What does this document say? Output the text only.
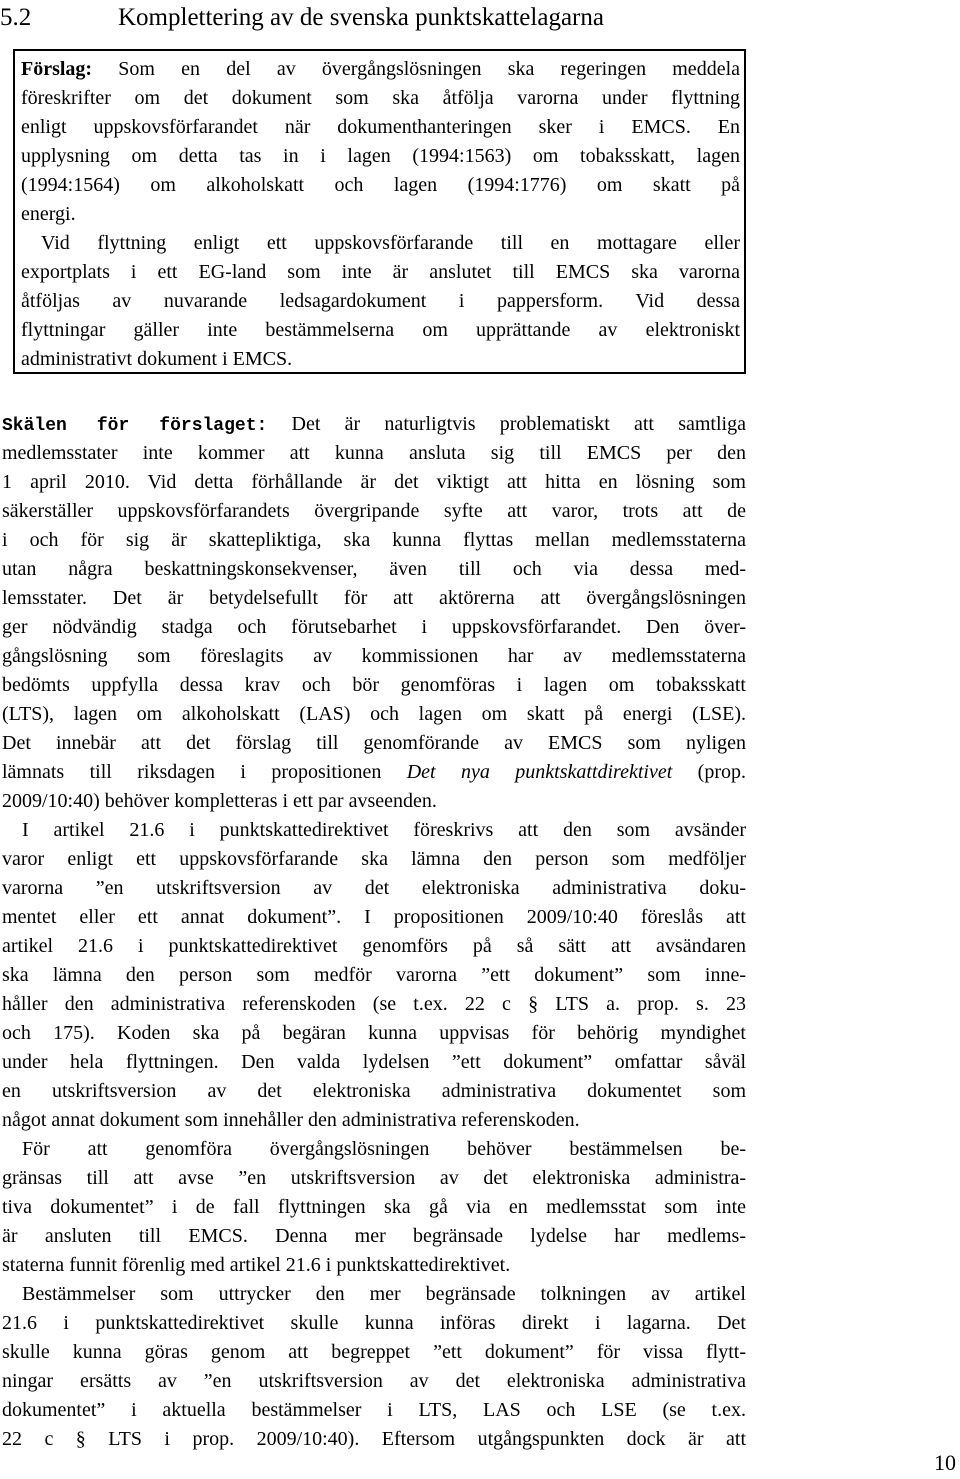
5.2	Komplettering av de svenska punktskattelagarna
Förslag: Som en del av övergångslösningen ska regeringen meddela
föreskrifter om det dokument som ska åtfölja varorna under flyttning
enligt uppskovsförfarandet när dokumenthanteringen sker i EMCS. En
upplysning om detta tas in i lagen (1994:1563) om tobaksskatt, lagen
(1994:1564) om alkoholskatt och lagen (1994:1776) om skatt på
energi.
Vid flyttning enligt ett uppskovsförfarande till en mottagare eller
exportplats i ett EG-land som inte är anslutet till EMCS ska varorna
åtföljas av nuvarande ledsagardokument i pappersform. Vid dessa
flyttningar gäller inte bestämmelserna om upprättande av elektroniskt
administrativt dokument i EMCS.
Skälen för förslaget: Det är naturligtvis problematiskt att samtliga
medlemsstater inte kommer att kunna ansluta sig till EMCS per den
1 april 2010. Vid detta förhållande är det viktigt att hitta en lösning som
säkerställer uppskovsförfarandets övergripande syfte att varor, trots att de
i och för sig är skattepliktiga, ska kunna flyttas mellan medlemsstaterna
utan några beskattningskonsekvenser, även till och via dessa med-
lemsstater. Det är betydelsefullt för att aktörerna att övergångslösningen
ger nödvändig stadga och förutsebarhet i uppskovsförfarandet. Den över-
gångslösning som föreslagits av kommissionen har av medlemsstaterna
bedömts uppfylla dessa krav och bör genomföras i lagen om tobaksskatt
(LTS), lagen om alkoholskatt (LAS) och lagen om skatt på energi (LSE).
Det innebär att det förslag till genomförande av EMCS som nyligen
lämnats till riksdagen i propositionen Det nya punktskattdirektivet (prop.
2009/10:40) behöver kompletteras i ett par avseenden.
I artikel 21.6 i punktskattedirektivet föreskrivs att den som avsänder
varor enligt ett uppskovsförfarande ska lämna den person som medföljer
varorna ”en utskriftsversion av det elektroniska administrativa doku-
mentet eller ett annat dokument”. I propositionen 2009/10:40 föreslås att
artikel 21.6 i punktskattedirektivet genomförs på så sätt att avsändaren
ska lämna den person som medför varorna ”ett dokument” som inne-
håller den administrativa referenskoden (se t.ex. 22 c § LTS a. prop. s. 23
och 175). Koden ska på begäran kunna uppvisas för behörig myndighet
under hela flyttningen. Den valda lydelsen ”ett dokument” omfattar såväl
en utskriftsversion av det elektroniska administrativa dokumentet som
något annat dokument som innehåller den administrativa referenskoden.
För att genomföra övergångslösningen behöver bestämmelsen be-
gränsas till att avse ”en utskriftsversion av det elektroniska administra-
tiva dokumentet” i de fall flyttningen ska gå via en medlemsstat som inte
är ansluten till EMCS. Denna mer begränsade lydelse har medlems-
staterna funnit förenlig med artikel 21.6 i punktskattedirektivet.
Bestämmelser som uttrycker den mer begränsade tolkningen av artikel
21.6 i punktskattedirektivet skulle kunna införas direkt i lagarna. Det
skulle kunna göras genom att begreppet ”ett dokument” för vissa flytt-
ningar ersätts av ”en utskriftsversion av det elektroniska administrativa
dokumentet” i aktuella bestämmelser i LTS, LAS och LSE (se t.ex.
22 c § LTS i prop. 2009/10:40). Eftersom utgångspunkten dock är att
10
